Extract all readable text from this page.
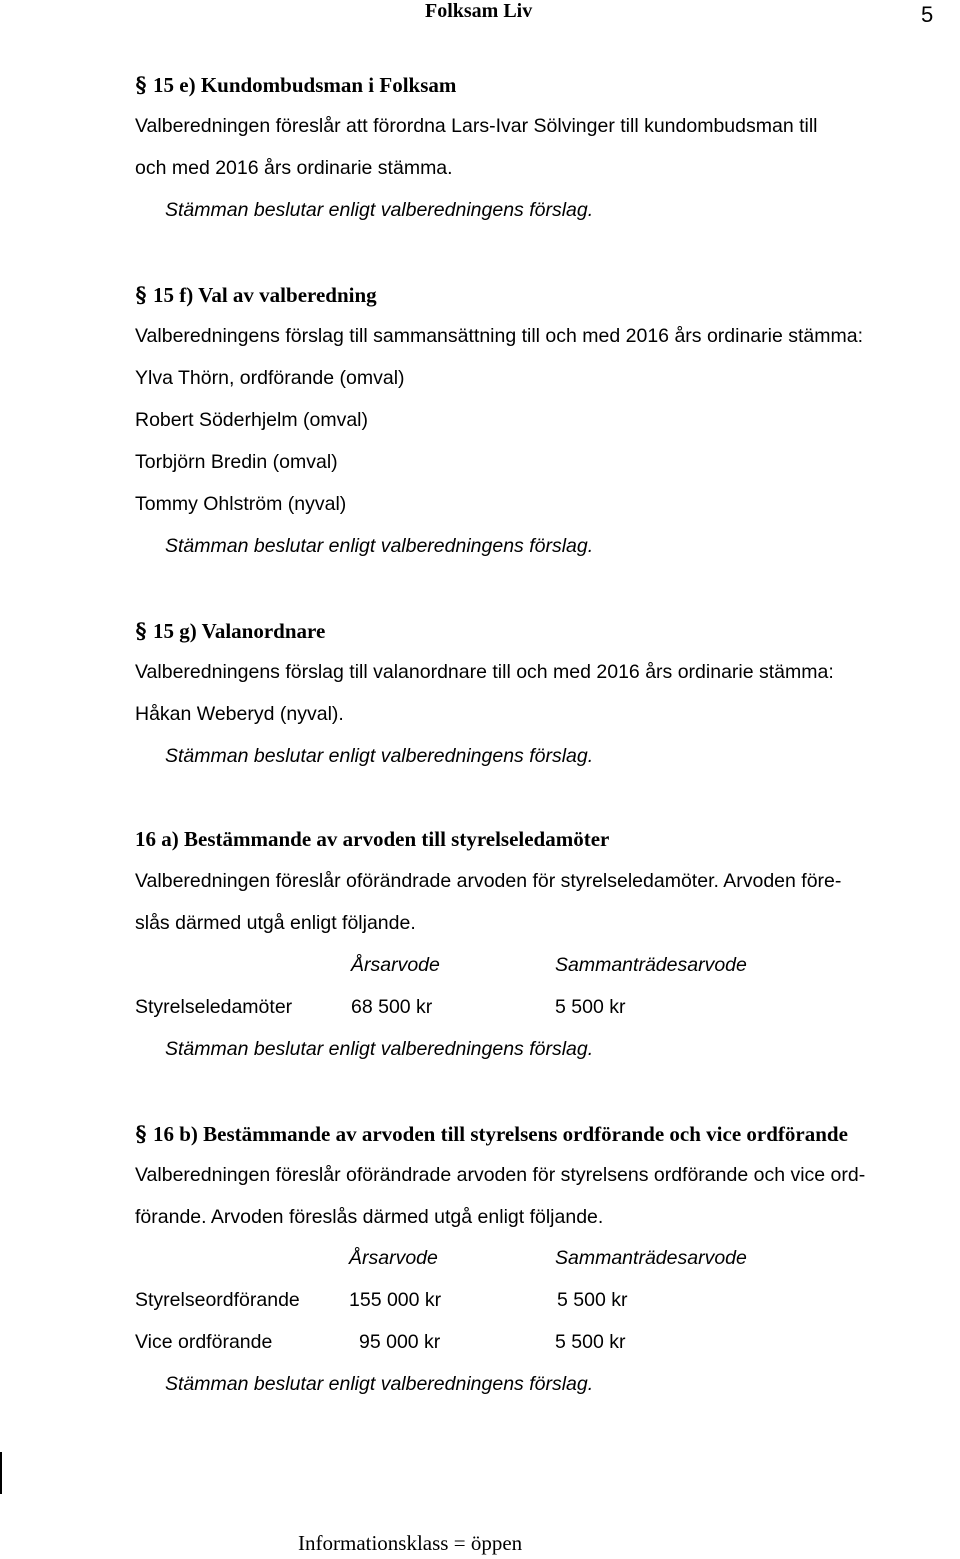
Folksam Liv	5
§ 15 e) Kundombudsman i Folksam
Valberedningen föreslår att förordna Lars-Ivar Sölvinger till kundombudsman till
och med 2016 års ordinarie stämma.
Stämman beslutar enligt valberedningens förslag.
§ 15 f) Val av valberedning
Valberedningens förslag till sammansättning till och med 2016 års ordinarie stämma:
Ylva Thörn, ordförande (omval)
Robert Söderhjelm (omval)
Torbjörn Bredin (omval)
Tommy Ohlström (nyval)
Stämman beslutar enligt valberedningens förslag.
§ 15 g) Valanordnare
Valberedningens förslag till valanordnare till och med 2016 års ordinarie stämma:
Håkan Weberyd (nyval).
Stämman beslutar enligt valberedningens förslag.
16 a) Bestämmande av arvoden till styrelseledamöter
Valberedningen föreslår oförändrade arvoden för styrelseledamöter. Arvoden före-
slås därmed utgå enligt följande.
Årsarvode	Sammanträdesarvode
Styrelseledamöter	68 500 kr	5 500 kr
Stämman beslutar enligt valberedningens förslag.
§ 16 b) Bestämmande av arvoden till styrelsens ordförande och vice ordförande
Valberedningen föreslår oförändrade arvoden för styrelsens ordförande och vice ord-
förande. Arvoden föreslås därmed utgå enligt följande.
Årsarvode	Sammanträdesarvode
Styrelseordförande	155 000 kr	5 500 kr
Vice ordförande	95 000 kr	5 500 kr
Stämman beslutar enligt valberedningens förslag.
Informationsklass = öppen
